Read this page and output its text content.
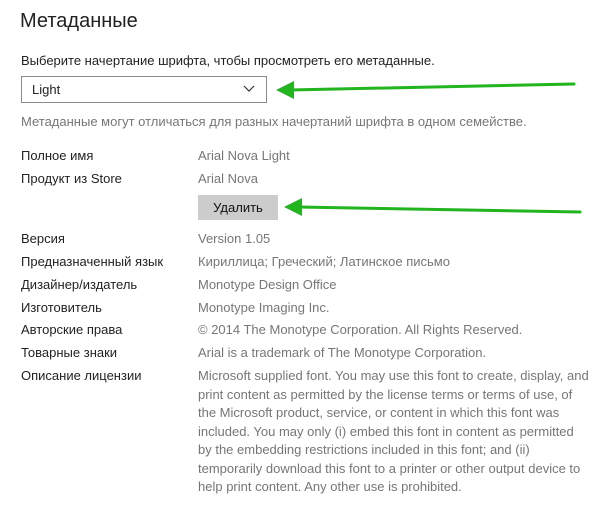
Метаданные
Выберите начертание шрифта, чтобы просмотреть его метаданные.
Light
Метаданные могут отличаться для разных начертаний шрифта в одном семействе.
Полное имя	Arial Nova Light
Продукт из Store	Arial Nova
Удалить
Версия	Version 1.05
Предназначенный язык	Кириллица; Греческий; Латинское письмо
Дизайнер/издатель	Monotype Design Office
Изготовитель	Monotype Imaging Inc.
Авторские права	© 2014 The Monotype Corporation. All Rights Reserved.
Товарные знаки	Arial is a trademark of The Monotype Corporation.
Описание лицензии	Microsoft supplied font. You may use this font to create, display, and print content as permitted by the license terms or terms of use, of the Microsoft product, service, or content in which this font was included. You may only (i) embed this font in content as permitted by the embedding restrictions included in this font; and (ii) temporarily download this font to a printer or other output device to help print content. Any other use is prohibited.
